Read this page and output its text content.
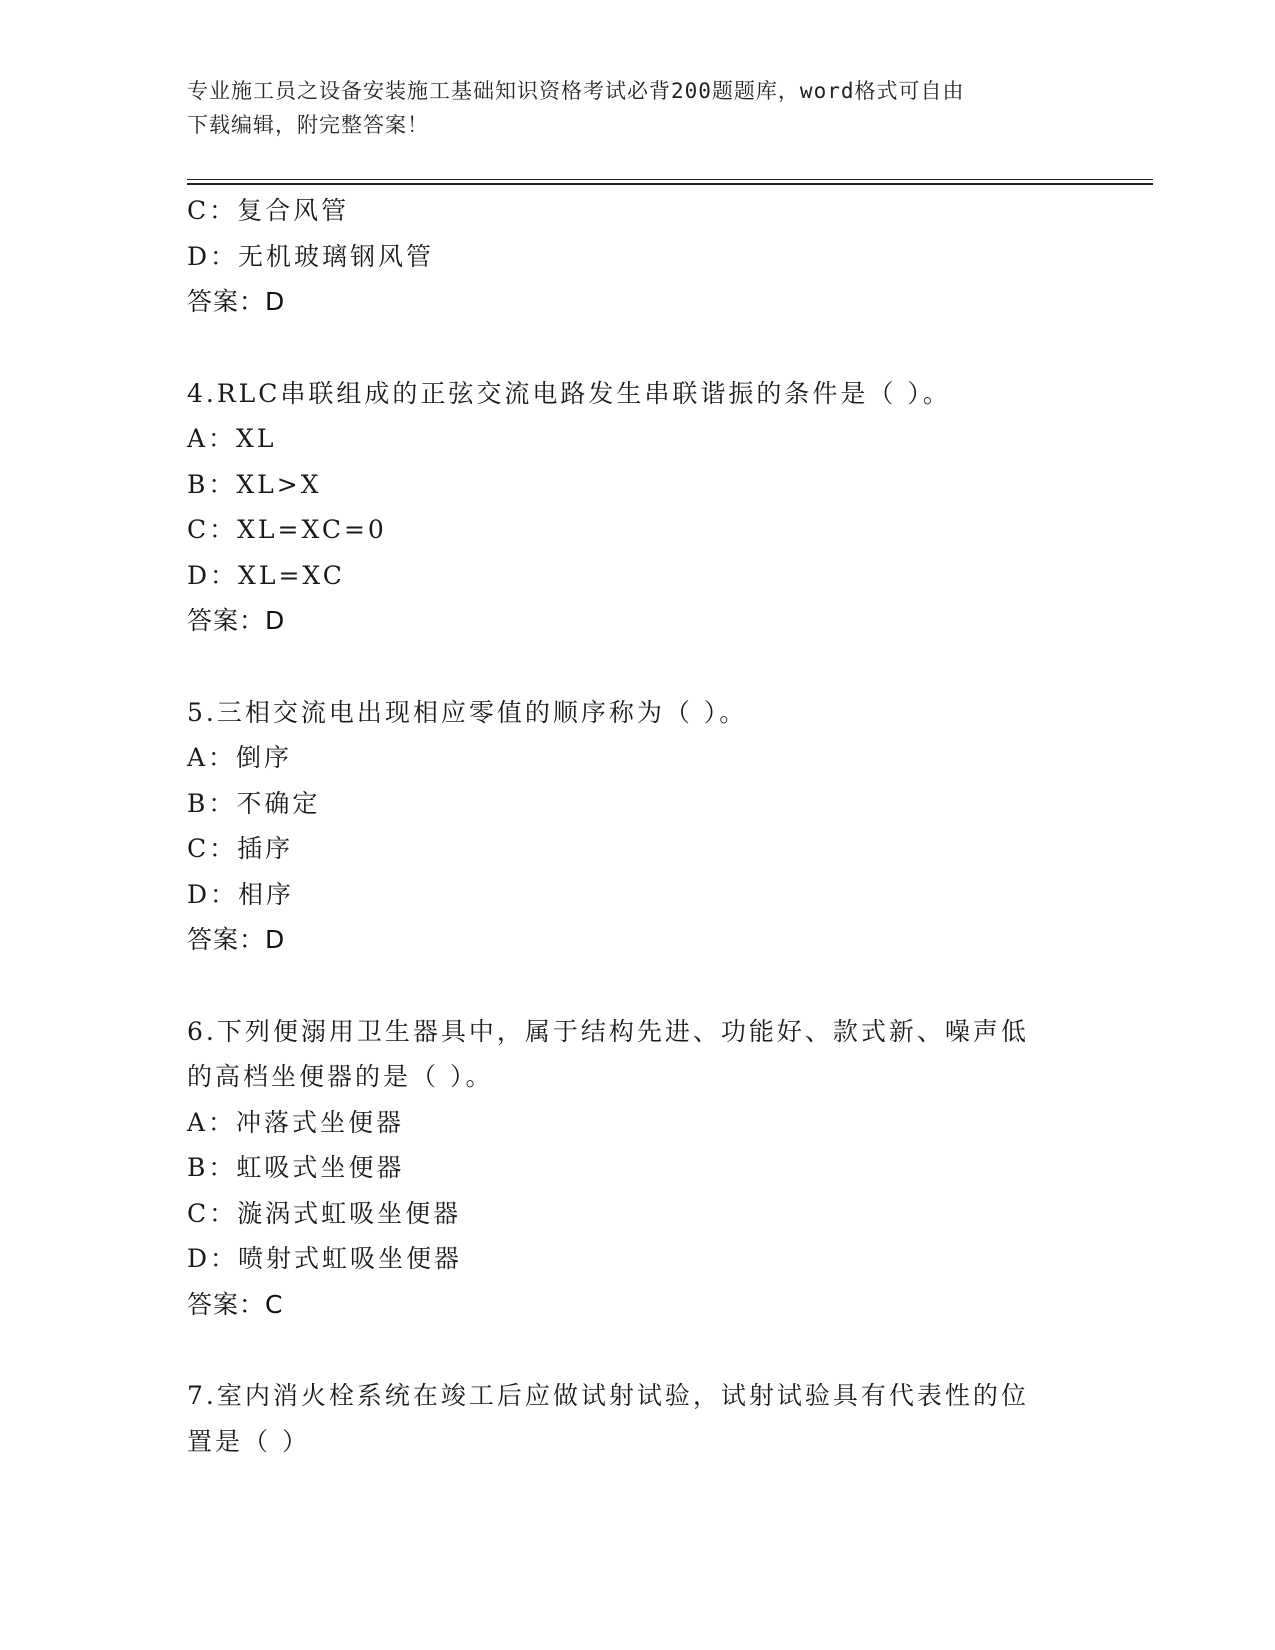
专业施工员之设备安装施工基础知识资格考试必背200题题库，word格式可自由
下载编辑，附完整答案！
C：复合风管
D：无机玻璃钢风管
答案：D
4.RLC串联组成的正弦交流电路发生串联谐振的条件是（ ）。
A：XL
B：XL>X
C：XL=XC=0
D：XL=XC
答案：D
5.三相交流电出现相应零值的顺序称为（ ）。
A：倒序
B：不确定
C：插序
D：相序
答案：D
6.下列便溺用卫生器具中，属于结构先进、功能好、款式新、噪声低
的高档坐便器的是（ ）。
A：冲落式坐便器
B：虹吸式坐便器
C：漩涡式虹吸坐便器
D：喷射式虹吸坐便器
答案：C
7.室内消火栓系统在竣工后应做试射试验，试射试验具有代表性的位
置是（ ）
